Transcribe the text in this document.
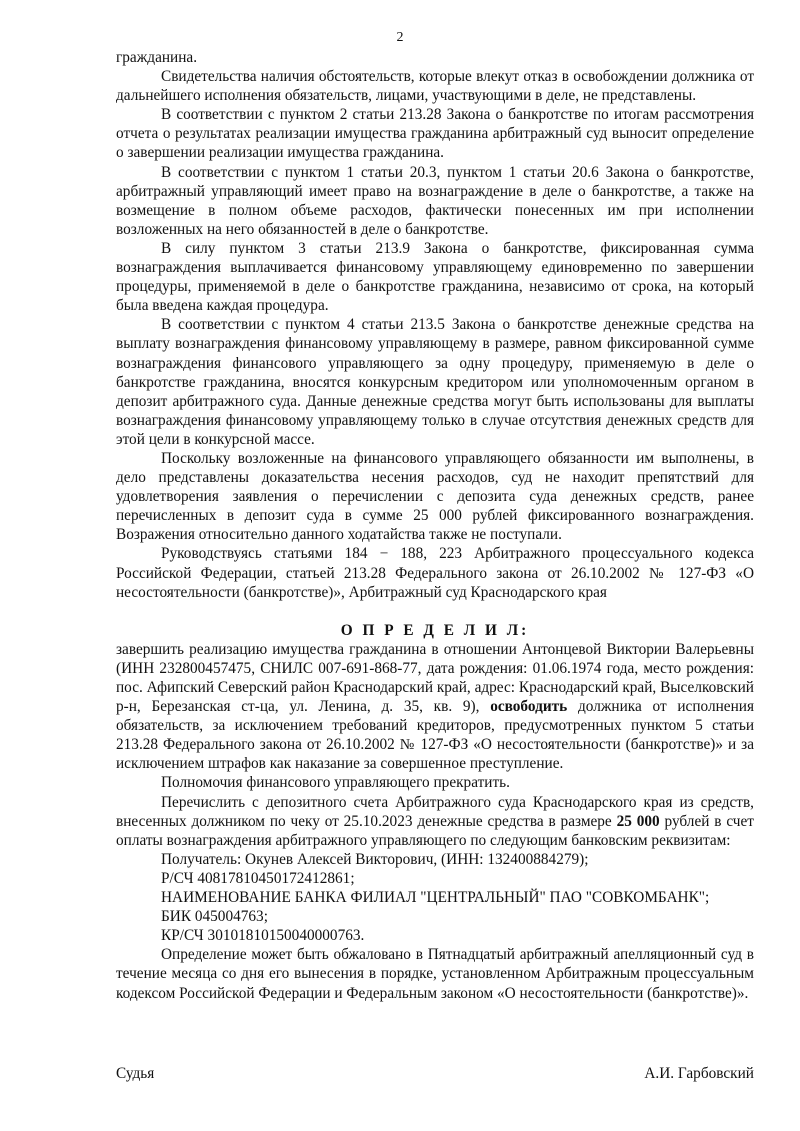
2

гражданина.

Свидетельства наличия обстоятельств, которые влекут отказ в освобождении должника от дальнейшего исполнения обязательств, лицами, участвующими в деле, не представлены.

В соответствии с пунктом 2 статьи 213.28 Закона о банкротстве по итогам рассмотрения отчета о результатах реализации имущества гражданина арбитражный суд выносит определение о завершении реализации имущества гражданина.

В соответствии с пунктом 1 статьи 20.3, пунктом 1 статьи 20.6 Закона о банкротстве, арбитражный управляющий имеет право на вознаграждение в деле о банкротстве, а также на возмещение в полном объеме расходов, фактически понесенных им при исполнении возложенных на него обязанностей в деле о банкротстве.

В силу пунктом 3 статьи 213.9 Закона о банкротстве, фиксированная сумма вознаграждения выплачивается финансовому управляющему единовременно по завершении процедуры, применяемой в деле о банкротстве гражданина, независимо от срока, на который была введена каждая процедура.

В соответствии с пунктом 4 статьи 213.5 Закона о банкротстве денежные средства на выплату вознаграждения финансовому управляющему в размере, равном фиксированной сумме вознаграждения финансового управляющего за одну процедуру, применяемую в деле о банкротстве гражданина, вносятся конкурсным кредитором или уполномоченным органом в депозит арбитражного суда. Данные денежные средства могут быть использованы для выплаты вознаграждения финансовому управляющему только в случае отсутствия денежных средств для этой цели в конкурсной массе.

Поскольку возложенные на финансового управляющего обязанности им выполнены, в дело представлены доказательства несения расходов, суд не находит препятствий для удовлетворения заявления о перечислении с депозита суда денежных средств, ранее перечисленных в депозит суда в сумме 25 000 рублей фиксированного вознаграждения. Возражения относительно данного ходатайства также не поступали.

Руководствуясь статьями 184 − 188, 223 Арбитражного процессуального кодекса Российской Федерации, статьей 213.28 Федерального закона от 26.10.2002 № 127-ФЗ «О несостоятельности (банкротстве)», Арбитражный суд Краснодарского края

О П Р Е Д Е Л И Л:

завершить реализацию имущества гражданина в отношении Антонцевой Виктории Валерьевны (ИНН 232800457475, СНИЛС 007-691-868-77, дата рождения: 01.06.1974 года, место рождения: пос. Афипский Северский район Краснодарский край, адрес: Краснодарский край, Выселковский р-н, Березанская ст-ца, ул. Ленина, д. 35, кв. 9), освободить должника от исполнения обязательств, за исключением требований кредиторов, предусмотренных пунктом 5 статьи 213.28 Федерального закона от 26.10.2002 № 127-ФЗ «О несостоятельности (банкротстве)» и за исключением штрафов как наказание за совершенное преступление.

Полномочия финансового управляющего прекратить.

Перечислить с депозитного счета Арбитражного суда Краснодарского края из средств, внесенных должником по чеку от 25.10.2023 денежные средства в размере 25 000 рублей в счет оплаты вознаграждения арбитражного управляющего по следующим банковским реквизитам:

Получатель: Окунев Алексей Викторович, (ИНН: 132400884279);

Р/СЧ 40817810450172412861;

НАИМЕНОВАНИЕ БАНКА ФИЛИАЛ "ЦЕНТРАЛЬНЫЙ" ПАО "СОВКОМБАНК";

БИК 045004763;

КР/СЧ 30101810150040000763.

Определение может быть обжаловано в Пятнадцатый арбитражный апелляционный суд в течение месяца со дня его вынесения в порядке, установленном Арбитражным процессуальным кодексом Российской Федерации и Федеральным законом «О несостоятельности (банкротстве)».

Судья	А.И. Гарбовский
